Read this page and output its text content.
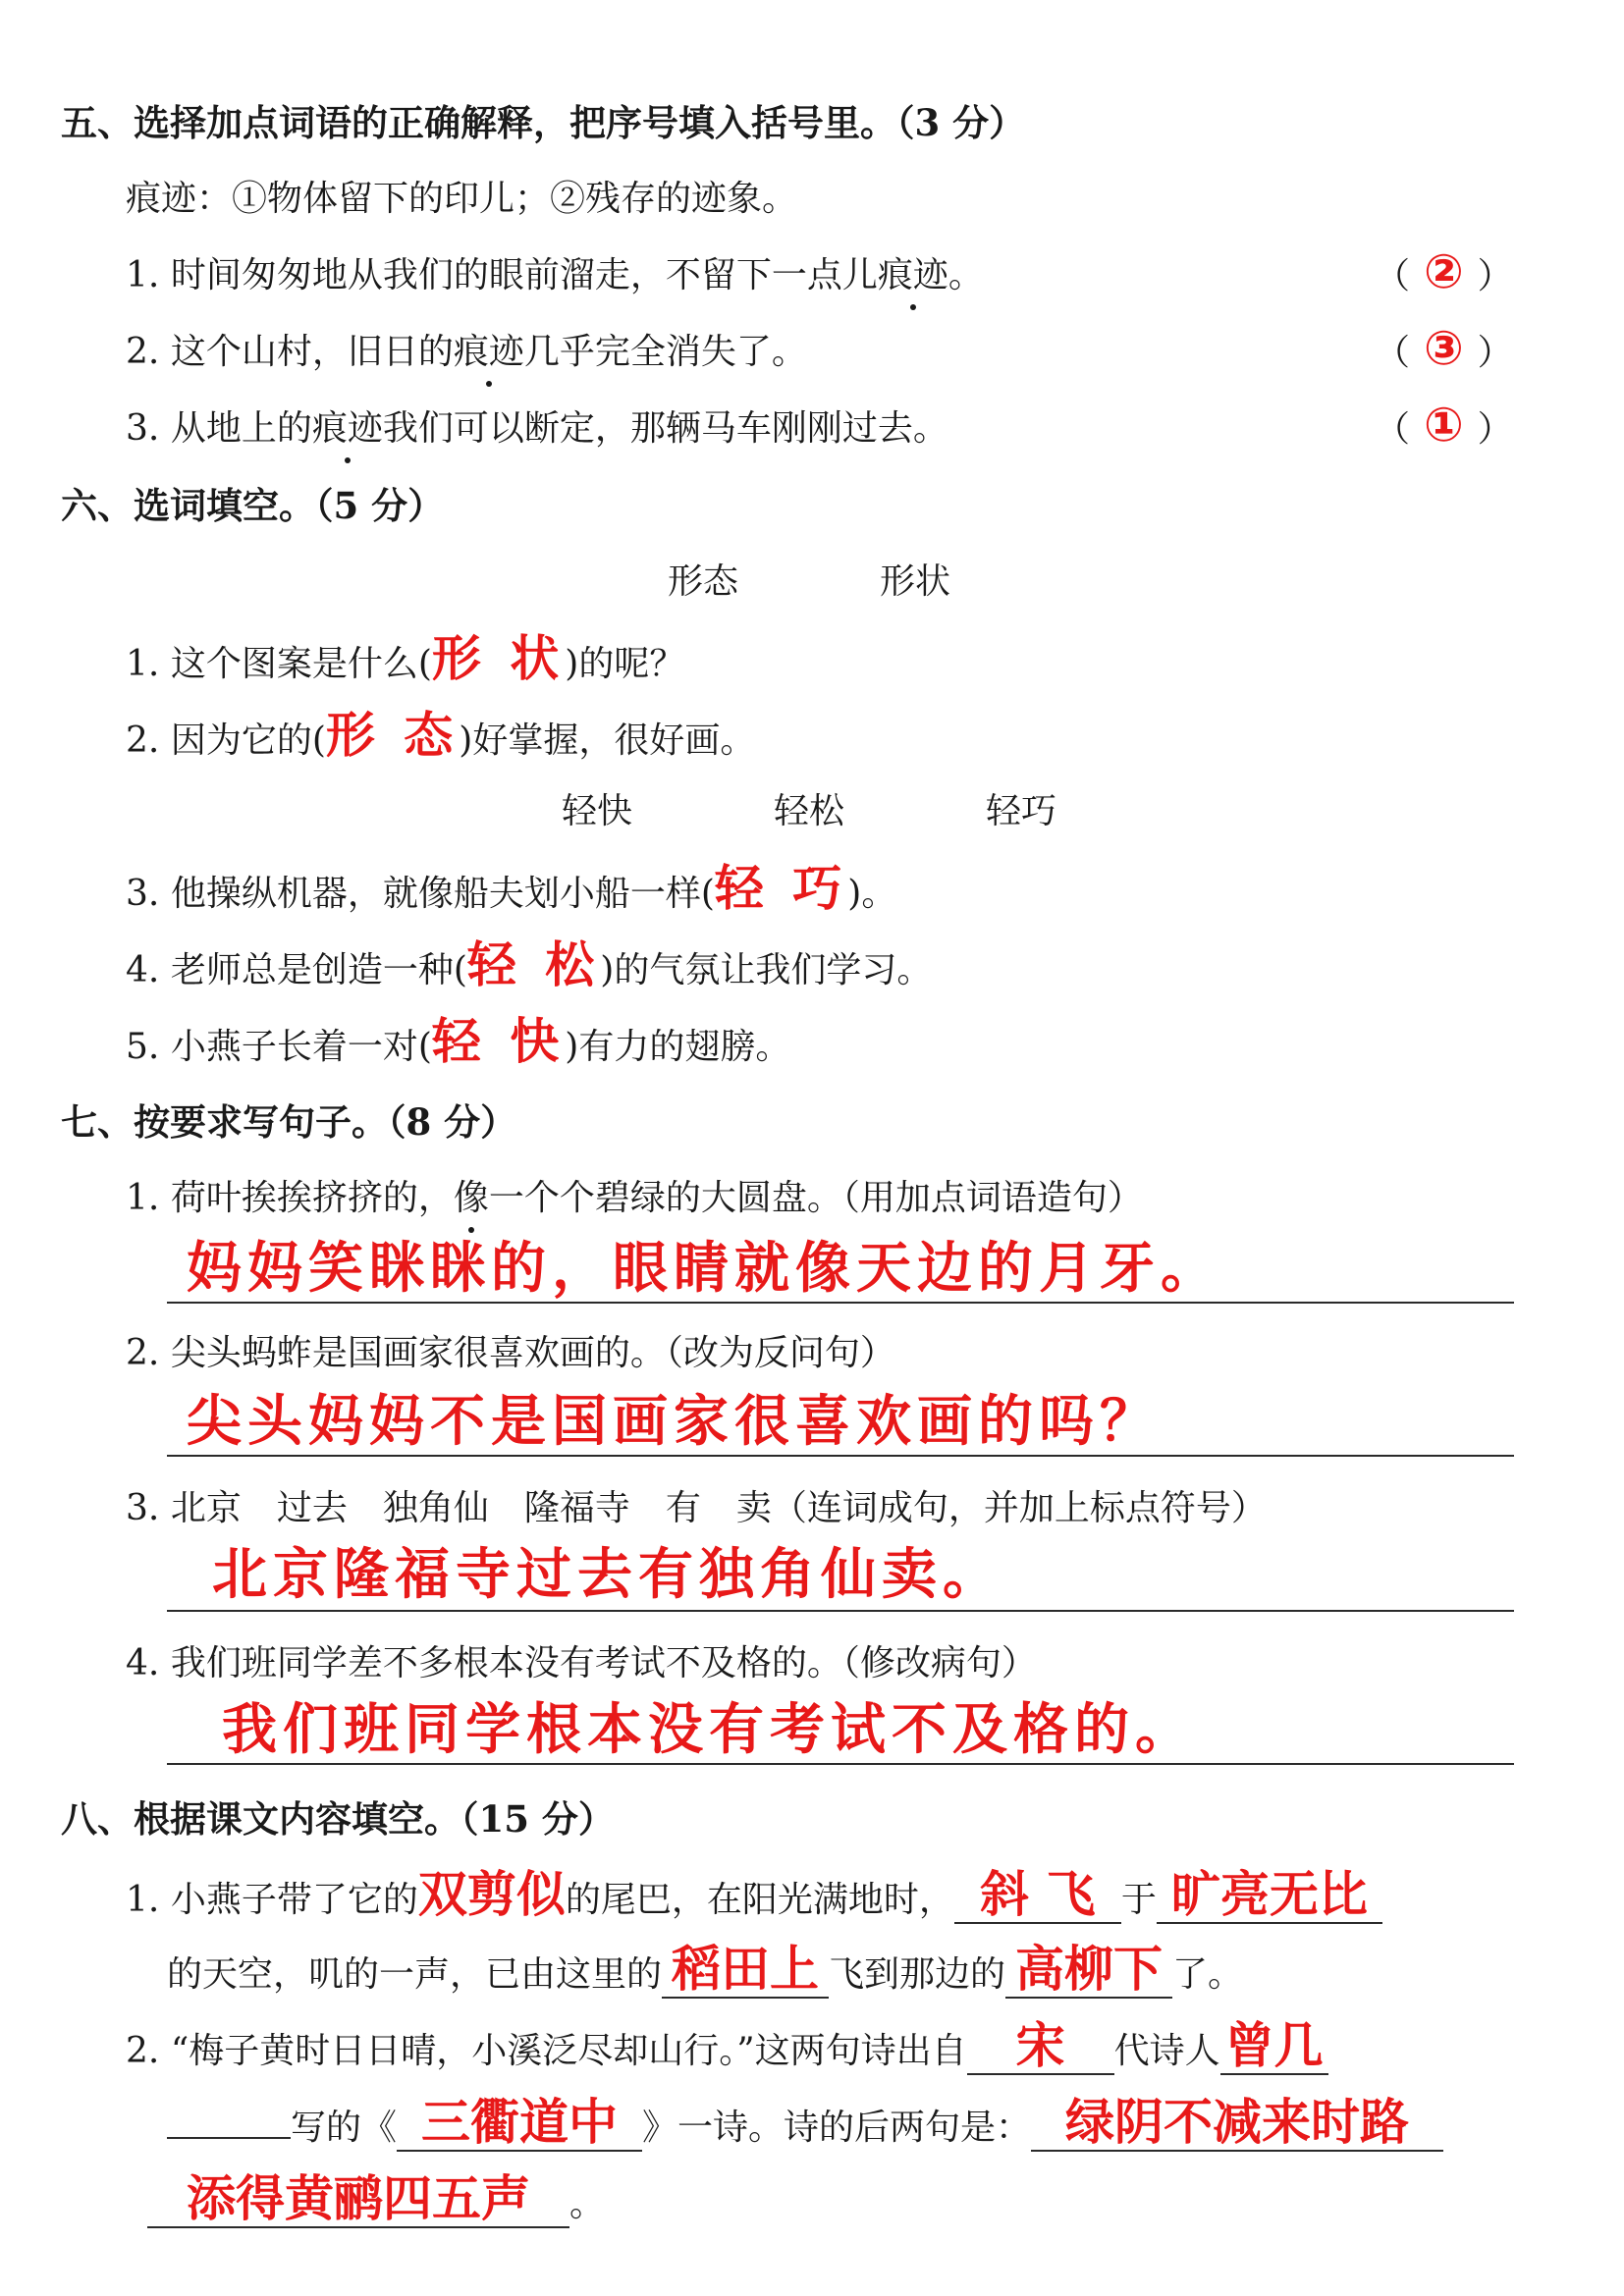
五、选择加点词语的正确解释，把序号填入括号里。（3 分）
痕迹：①物体留下的印儿；②残存的迹象。
1. 时间匆匆地从我们的眼前溜走，不留下一点儿痕迹。	（ ② ）
2. 这个山村，旧日的痕迹几乎完全消失了。	（ ③ ）
3. 从地上的痕迹我们可以断定，那辆马车刚刚过去。	（ ① ）
六、选词填空。（5 分）
形态	形状
1. 这个图案是什么(形 状)的呢？
2. 因为它的(形 态)好掌握，很好画。
轻快	轻松	轻巧
3. 他操纵机器，就像船夫划小船一样(轻 巧)。
4. 老师总是创造一种(轻 松)的气氛让我们学习。
5. 小燕子长着一对(轻 快)有力的翅膀。
七、按要求写句子。（8 分）
1. 荷叶挨挨挤挤的，像一个个碧绿的大圆盘。（用加点词语造句）
妈妈笑眯眯的，眼睛就像天边的月牙。
2. 尖头蚂蚱是国画家很喜欢画的。（改为反问句）
尖头妈妈不是国画家很喜欢画的吗？
3. 北京　过去　独角仙　隆福寺　有　卖（连词成句，并加上标点符号）
北京隆福寺过去有独角仙卖。
4. 我们班同学差不多根本没有考试不及格的。（修改病句）
我们班同学根本没有考试不及格的。
八、根据课文内容填空。（15 分）
1. 小燕子带了它的双剪似的尾巴，在阳光满地时， 斜 飞 于 旷亮无比
的天空，叽的一声，已由这里的 稻田上 飞到那边的 高柳下 了。
2. “梅子黄时日日晴，小溪泛尽却山行。”这两句诗出自 宋 代诗人 曾几
写的《 三衢道中 》一诗。诗的后两句是： 绿阴不减来时路
添得黄鹂四五声 。
